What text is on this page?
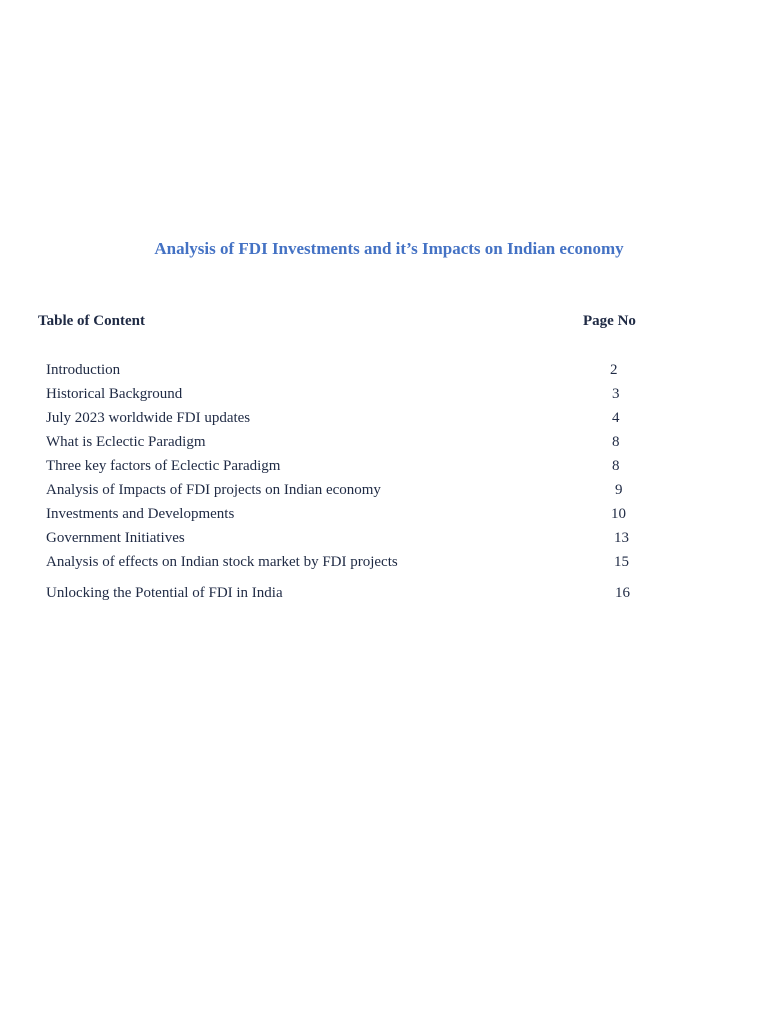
Analysis of FDI Investments and it’s Impacts on Indian economy
Table of Content	Page No
Introduction	2
Historical Background	3
July 2023 worldwide FDI updates	4
What is Eclectic Paradigm	8
Three key factors of Eclectic Paradigm	8
Analysis of Impacts of FDI projects on Indian economy	9
Investments and Developments	10
Government Initiatives	13
Analysis of effects on Indian stock market by FDI projects	15
Unlocking the Potential of FDI in India	16
